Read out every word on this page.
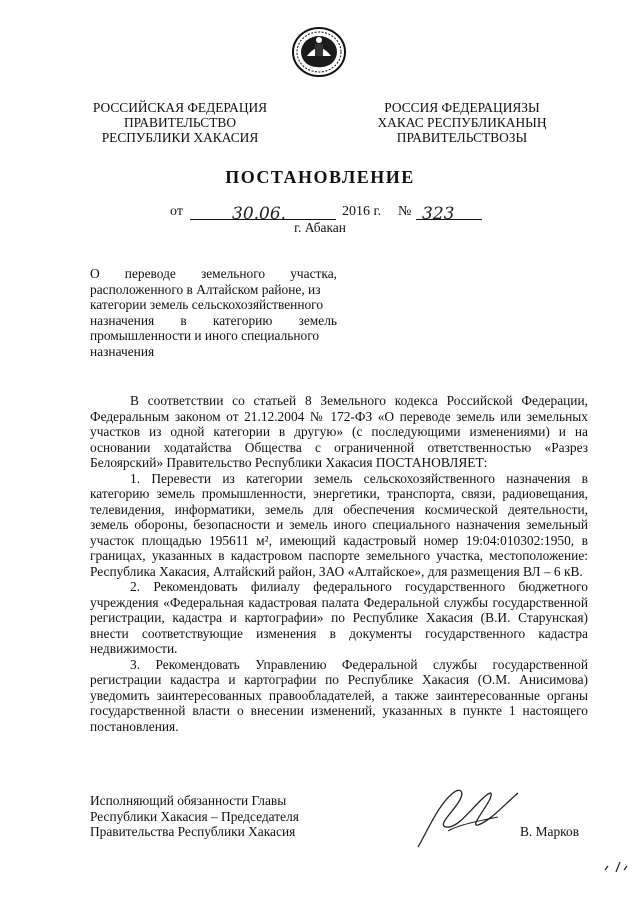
РОССИЙСКАЯ ФЕДЕРАЦИЯ
ПРАВИТЕЛЬСТВО
РЕСПУБЛИКИ ХАКАСИЯ
РОССИЯ ФЕДЕРАЦИЯЗЫ
ХАКАС РЕСПУБЛИКАНЫҢ
ПРАВИТЕЛЬСТВОЗЫ
ПОСТАНОВЛЕНИЕ
от	30.06.	2016 г. № 323
г. Абакан
О переводе земельного участка,
расположенного в Алтайском районе, из
категории земель сельскохозяйственного
назначения в категорию земель
промышленности и иного специального
назначения

В соответствии со статьей 8 Земельного кодекса Российской Федерации, Федеральным законом от 21.12.2004 № 172-ФЗ «О переводе земель или земельных участков из одной категории в другую» (с последующими изменениями) и на основании ходатайства Общества с ограниченной ответственностью «Разрез Белоярский» Правительство Республики Хакасия ПОСТАНОВЛЯЕТ:

1. Перевести из категории земель сельскохозяйственного назначения в категорию земель промышленности, энергетики, транспорта, связи, радиовещания, телевидения, информатики, земель для обеспечения космической деятельности, земель обороны, безопасности и земель иного специального назначения земельный участок площадью 195611 м², имеющий кадастровый номер 19:04:010302:1950, в границах, указанных в кадастровом паспорте земельного участка, местоположение: Республика Хакасия, Алтайский район, ЗАО «Алтайское», для размещения ВЛ – 6 кВ.

2. Рекомендовать филиалу федерального государственного бюджетного учреждения «Федеральная кадастровая палата Федеральной службы государственной регистрации, кадастра и картографии» по Республике Хакасия (В.И. Старунская) внести соответствующие изменения в документы государственного кадастра недвижимости.

3. Рекомендовать Управлению Федеральной службы государственной регистрации кадастра и картографии по Республике Хакасия (О.М. Анисимова) уведомить заинтересованных правообладателей, а также заинтересованные органы государственной власти о внесении изменений, указанных в пункте 1 настоящего постановления.

Исполняющий обязанности Главы
Республики Хакасия – Председателя
Правительства Республики Хакасия	В. Марков
